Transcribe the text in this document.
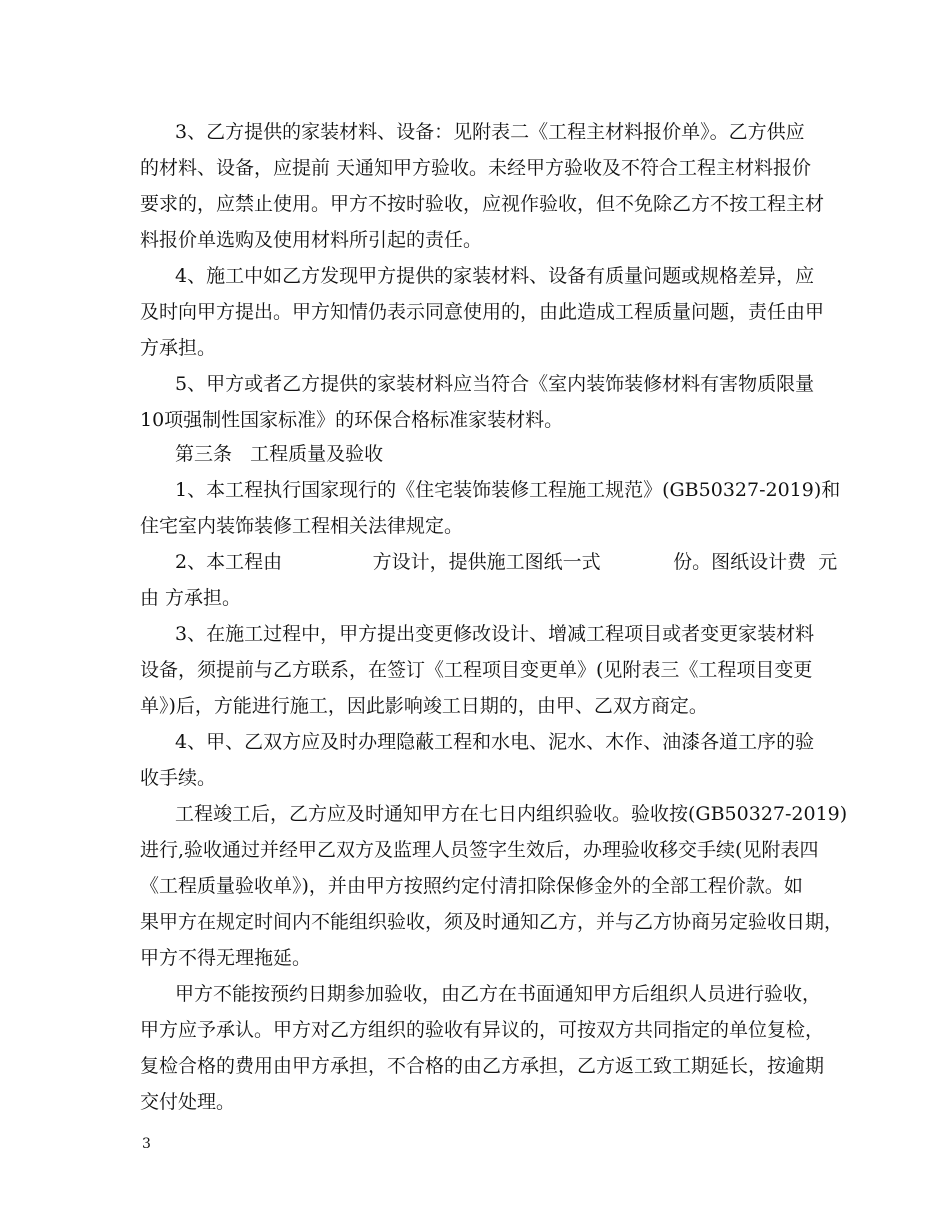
3、乙方提供的家装材料、设备：见附表二《工程主材料报价单》。乙方供应
的材料、设备，应提前 天通知甲方验收。未经甲方验收及不符合工程主材料报价
要求的，应禁止使用。甲方不按时验收，应视作验收，但不免除乙方不按工程主材
料报价单选购及使用材料所引起的责任。
4、施工中如乙方发现甲方提供的家装材料、设备有质量问题或规格差异，应
及时向甲方提出。甲方知情仍表示同意使用的，由此造成工程质量问题，责任由甲
方承担。
5、甲方或者乙方提供的家装材料应当符合《室内装饰装修材料有害物质限量
10项强制性国家标准》的环保合格标准家装材料。
第三条   工程质量及验收
1、本工程执行国家现行的《住宅装饰装修工程施工规范》(GB50327-2019)和
住宅室内装饰装修工程相关法律规定。
2、本工程由               方设计，提供施工图纸一式            份。图纸设计费  元
由 方承担。
3、在施工过程中，甲方提出变更修改设计、增减工程项目或者变更家装材料
设备，须提前与乙方联系，在签订《工程项目变更单》(见附表三《工程项目变更
单》)后，方能进行施工，因此影响竣工日期的，由甲、乙双方商定。
4、甲、乙双方应及时办理隐蔽工程和水电、泥水、木作、油漆各道工序的验
收手续。
工程竣工后，乙方应及时通知甲方在七日内组织验收。验收按(GB50327-2019)
进行,验收通过并经甲乙双方及监理人员签字生效后，办理验收移交手续(见附表四
《工程质量验收单》)，并由甲方按照约定付清扣除保修金外的全部工程价款。如
果甲方在规定时间内不能组织验收，须及时通知乙方，并与乙方协商另定验收日期，
甲方不得无理拖延。
甲方不能按预约日期参加验收，由乙方在书面通知甲方后组织人员进行验收，
甲方应予承认。甲方对乙方组织的验收有异议的，可按双方共同指定的单位复检，
复检合格的费用由甲方承担，不合格的由乙方承担，乙方返工致工期延长，按逾期
交付处理。
3
